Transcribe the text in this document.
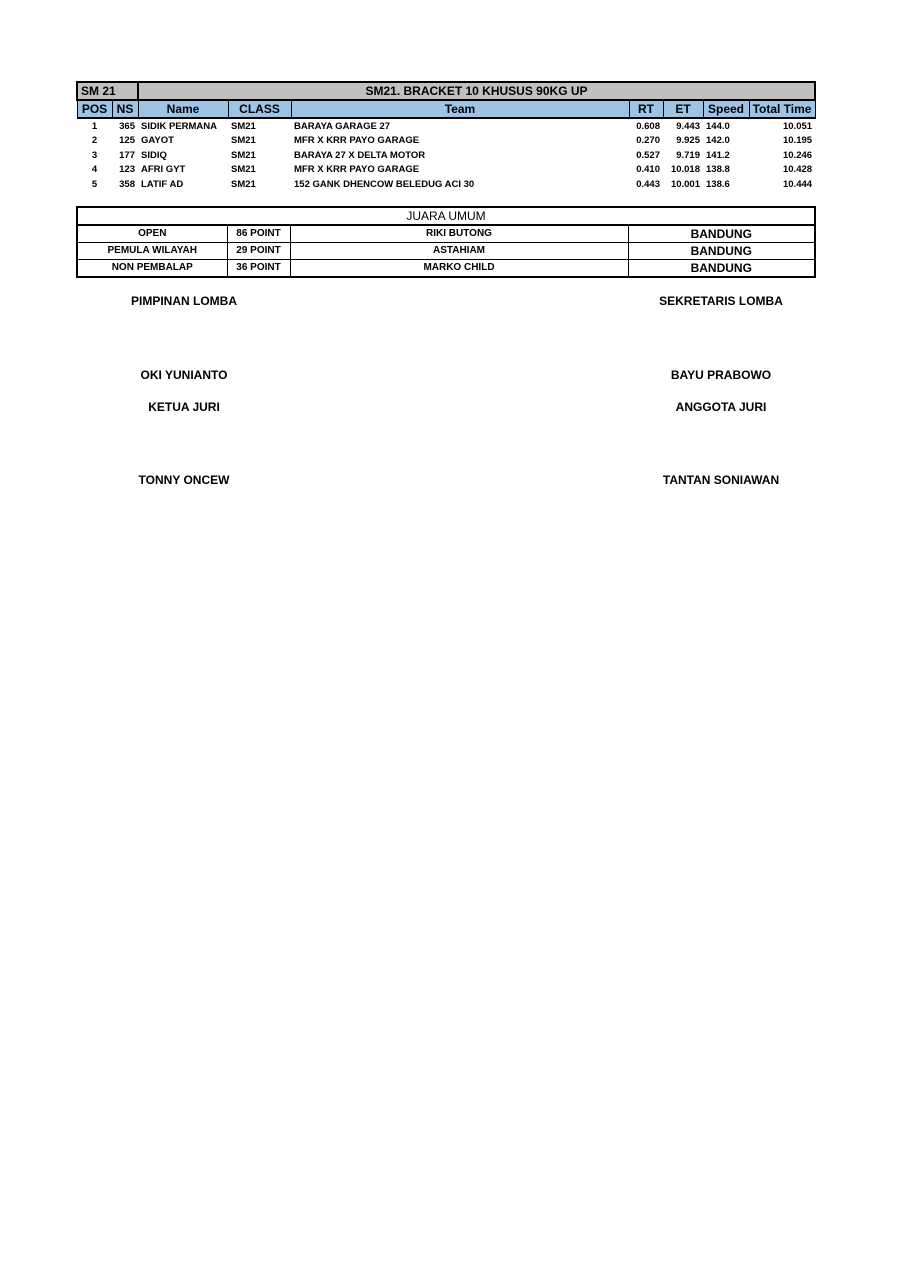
SM 21		SM21. BRACKET 10 KHUSUS 90KG UP						
POS	NS	Name	CLASS	Team	RT	ET	Speed	Total Time
1	365	SIDIK PERMANA	SM21	BARAYA GARAGE 27	0.608	9.443	144.0	10.051
2	125	GAYOT	SM21	MFR X KRR PAYO GARAGE	0.270	9.925	142.0	10.195
3	177	SIDIQ	SM21	BARAYA 27 X DELTA MOTOR	0.527	9.719	141.2	10.246
4	123	AFRI GYT	SM21	MFR X KRR PAYO GARAGE	0.410	10.018	138.8	10.428
5	358	LATIF AD	SM21	152 GANK DHENCOW BELEDUG ACI 30	0.443	10.001	138.6	10.444
JUARA UMUM			
OPEN	86 POINT	RIKI BUTONG	BANDUNG
PEMULA WILAYAH	29 POINT	ASTAHIAM	BANDUNG
NON PEMBALAP	36 POINT	MARKO CHILD	BANDUNG
PIMPINAN LOMBA
OKI YUNIANTO
KETUA JURI
TONNY ONCEW
SEKRETARIS LOMBA
BAYU PRABOWO
ANGGOTA JURI
TANTAN SONIAWAN
